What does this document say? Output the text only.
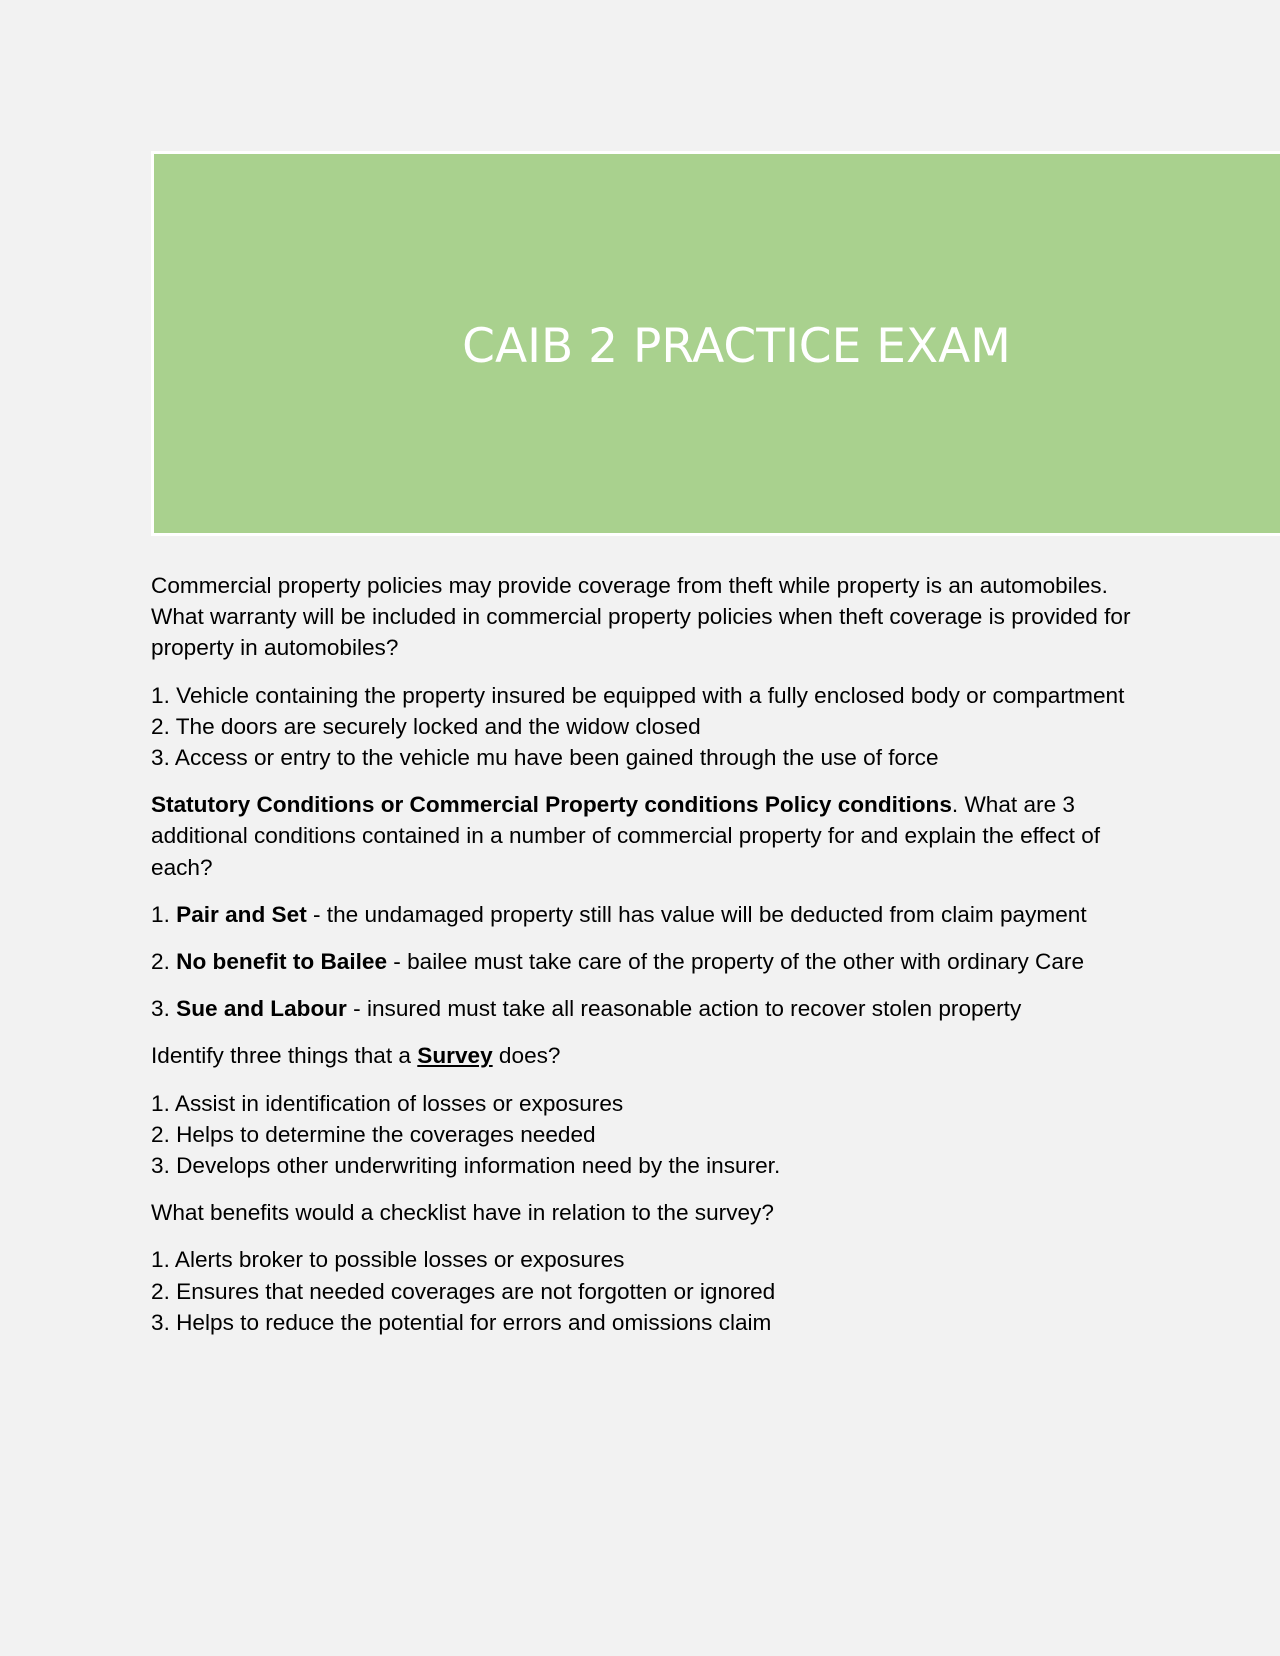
CAIB 2 PRACTICE EXAM

Commercial property policies may provide coverage from theft while property is an automobiles. What warranty will be included in commercial property policies when theft coverage is provided for property in automobiles?

1. Vehicle containing the property insured be equipped with a fully enclosed body or compartment
2. The doors are securely locked and the widow closed
3. Access or entry to the vehicle mu have been gained through the use of force

Statutory Conditions or Commercial Property conditions Policy conditions. What are 3 additional conditions contained in a number of commercial property for and explain the effect of each?

1. Pair and Set - the undamaged property still has value will be deducted from claim payment

2. No benefit to Bailee - bailee must take care of the property of the other with ordinary Care

3. Sue and Labour - insured must take all reasonable action to recover stolen property

Identify three things that a Survey does?

1. Assist in identification of losses or exposures
2. Helps to determine the coverages needed
3. Develops other underwriting information need by the insurer.

What benefits would a checklist have in relation to the survey?

1. Alerts broker to possible losses or exposures
2. Ensures that needed coverages are not forgotten or ignored
3. Helps to reduce the potential for errors and omissions claim
